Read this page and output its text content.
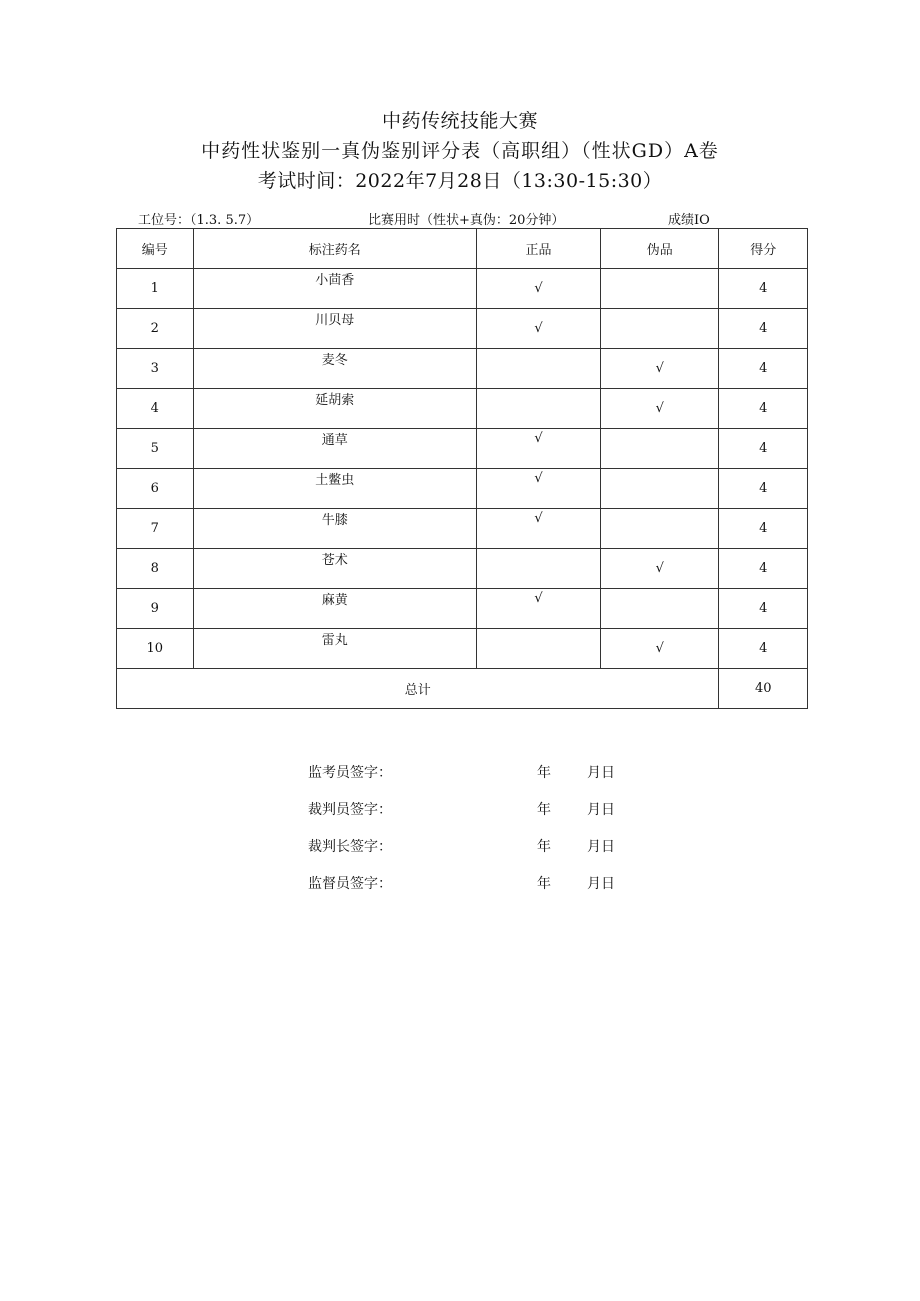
中药传统技能大赛
中药性状鉴别一真伪鉴别评分表（高职组）（性状GD）A卷
考试时间：2022年7月28日（13:30-15:30）
工位号：（1.3. 5.7）	比赛用时（性状+真伪：20分钟）	成绩IO
编号	标注药名	正品	伪品	得分
1	小茴香	√		4
2	川贝母	√		4
3	麦冬		√	4
4	延胡索		√	4
5	通草	√		4
6	土鳖虫	√		4
7	牛膝	√		4
8	苍术		√	4
9	麻黄	√		4
10	雷丸		√	4
总计				40
监考员签字：	年	月日
裁判员签字：	年	月日
裁判长签字：	年	月日
监督员签字：	年	月日
